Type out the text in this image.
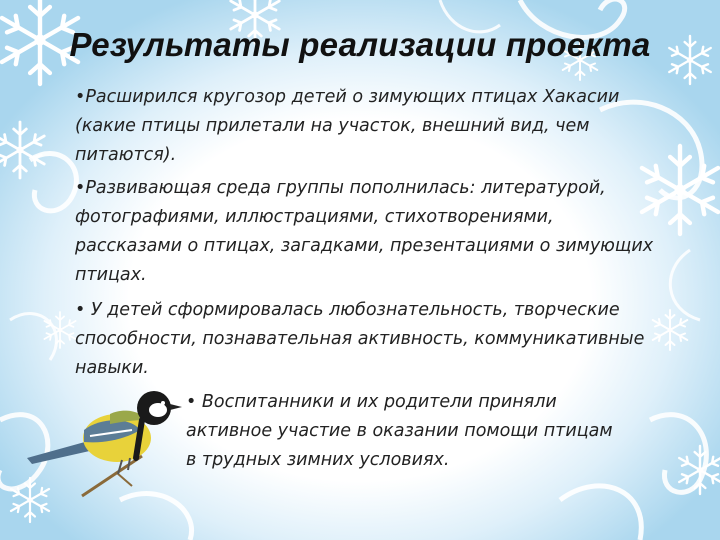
Результаты реализации проекта

•Расширился кругозор детей о зимующих птицах Хакасии (какие птицы прилетали на участок, внешний вид, чем питаются).

•Развивающая среда группы пополнилась: литературой, фотографиями, иллюстрациями, стихотворениями, рассказами о птицах, загадками, презентациями о зимующих птицах.

• У детей сформировалась любознательность, творческие способности, познавательная активность, коммуникативные навыки.

• Воспитанники и их родители приняли активное участие в оказании помощи птицам в трудных зимних условиях.
